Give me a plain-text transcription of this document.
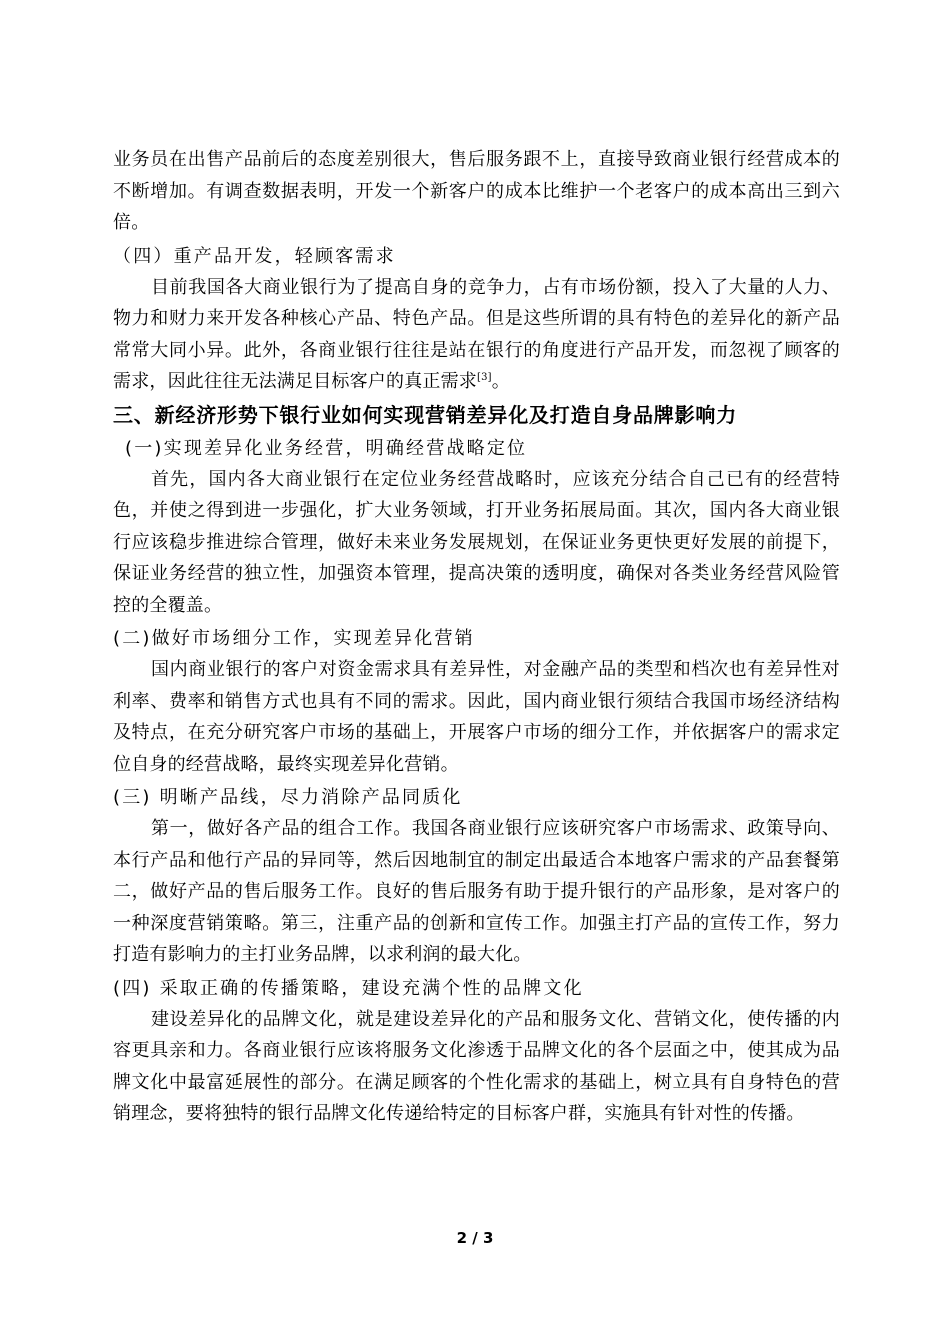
业务员在出售产品前后的态度差别很大，售后服务跟不上，直接导致商业银行经营成本的不断增加。有调查数据表明，开发一个新客户的成本比维护一个老客户的成本高出三到六倍。

（四）重产品开发，轻顾客需求

目前我国各大商业银行为了提高自身的竞争力，占有市场份额，投入了大量的人力、物力和财力来开发各种核心产品、特色产品。但是这些所谓的具有特色的差异化的新产品常常大同小异。此外，各商业银行往往是站在银行的角度进行产品开发，而忽视了顾客的需求，因此往往无法满足目标客户的真正需求[3]。

三、新经济形势下银行业如何实现营销差异化及打造自身品牌影响力
(一)实现差异化业务经营，明确经营战略定位

首先，国内各大商业银行在定位业务经营战略时，应该充分结合自己已有的经营特色，并使之得到进一步强化，扩大业务领域，打开业务拓展局面。其次，国内各大商业银行应该稳步推进综合管理，做好未来业务发展规划，在保证业务更快更好发展的前提下，保证业务经营的独立性，加强资本管理，提高决策的透明度，确保对各类业务经营风险管控的全覆盖。

(二)做好市场细分工作，实现差异化营销

国内商业银行的客户对资金需求具有差异性，对金融产品的类型和档次也有差异性对利率、费率和销售方式也具有不同的需求。因此，国内商业银行须结合我国市场经济结构及特点，在充分研究客户市场的基础上，开展客户市场的细分工作，并依据客户的需求定位自身的经营战略，最终实现差异化营销。

(三) 明晰产品线，尽力消除产品同质化

第一，做好各产品的组合工作。我国各商业银行应该研究客户市场需求、政策导向、本行产品和他行产品的异同等，然后因地制宜的制定出最适合本地客户需求的产品套餐第二，做好产品的售后服务工作。良好的售后服务有助于提升银行的产品形象，是对客户的一种深度营销策略。第三，注重产品的创新和宣传工作。加强主打产品的宣传工作，努力打造有影响力的主打业务品牌，以求利润的最大化。

(四) 采取正确的传播策略，建设充满个性的品牌文化

建设差异化的品牌文化，就是建设差异化的产品和服务文化、营销文化，使传播的内容更具亲和力。各商业银行应该将服务文化渗透于品牌文化的各个层面之中，使其成为品牌文化中最富延展性的部分。在满足顾客的个性化需求的基础上，树立具有自身特色的营销理念，要将独特的银行品牌文化传递给特定的目标客户群，实施具有针对性的传播。

2 / 3
